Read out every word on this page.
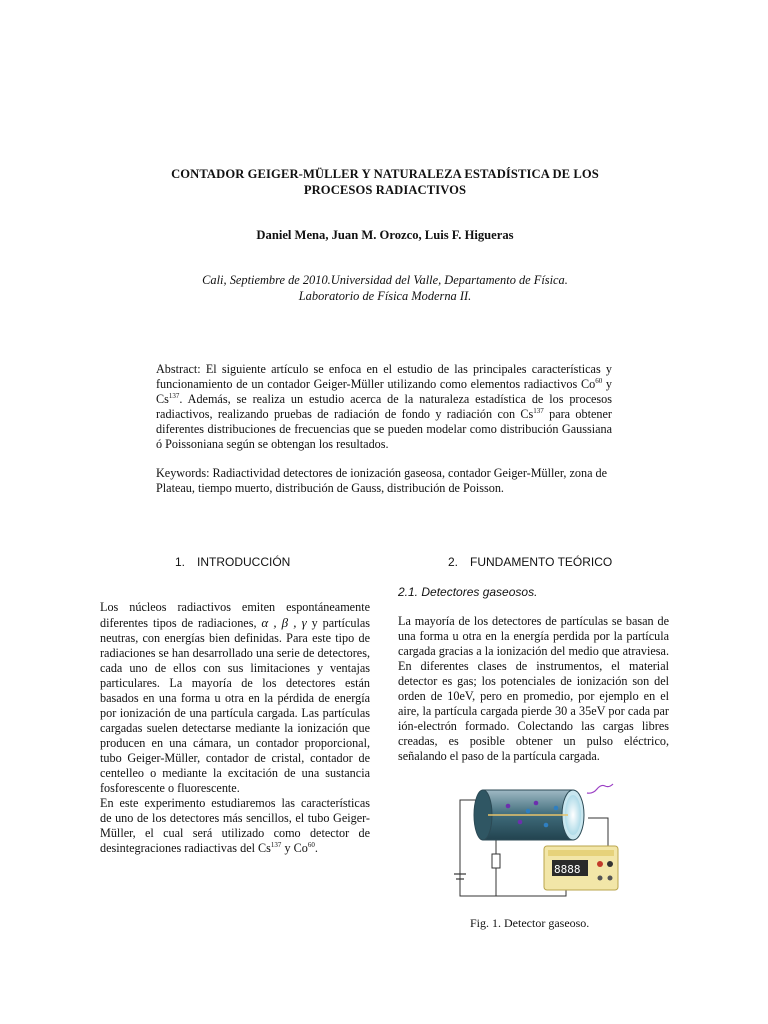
CONTADOR GEIGER-MÜLLER Y NATURALEZA ESTADÍSTICA DE LOS
PROCESOS RADIACTIVOS
Daniel Mena, Juan M. Orozco, Luis F. Higueras
Cali, Septiembre de 2010.Universidad del Valle, Departamento de Física.
Laboratorio de Física Moderna II.

Abstract: El siguiente artículo se enfoca en el estudio de las principales características y funcionamiento de un contador Geiger-Müller utilizando como elementos radiactivos Co$^{60}$ y Cs$^{137}$. Además, se realiza un estudio acerca de la naturaleza estadística de los procesos radiactivos, realizando pruebas de radiación de fondo y radiación con Cs$^{137}$ para obtener diferentes distribuciones de frecuencias que se pueden modelar como distribución Gaussiana ó Poissoniana según se obtengan los resultados.

Keywords: Radiactividad detectores de ionización gaseosa, contador Geiger-Müller, zona de Plateau, tiempo muerto, distribución de Gauss, distribución de Poisson.
1. INTRODUCCIÓN	2. FUNDAMENTO TEÓRICO
2.1. Detectores gaseosos.

Los núcleos radiactivos emiten espontáneamente diferentes tipos de radiaciones, α , β , γ y partículas neutras, con energías bien definidas. Para este tipo de radiaciones se han desarrollado una serie de detectores, cada uno de ellos con sus limitaciones y ventajas particulares. La mayoría de los detectores están basados en una forma u otra en la pérdida de energía por ionización de una partícula cargada. Las partículas cargadas suelen detectarse mediante la ionización que producen en una cámara, un contador proporcional, tubo Geiger-Müller, contador de cristal, contador de centelleo o mediante la excitación de una sustancia fosforescente o fluorescente.

En este experimento estudiaremos las características de uno de los detectores más sencillos, el tubo Geiger-Müller, el cual será utilizado como detector de desintegraciones radiactivas del Cs$^{137}$ y Co$^{60}$.

La mayoría de los detectores de partículas se basan de una forma u otra en la energía perdida por la partícula cargada gracias a la ionización del medio que atraviesa. En diferentes clases de instrumentos, el material detector es gas; los potenciales de ionización son del orden de 10eV, pero en promedio, por ejemplo en el aire, la partícula cargada pierde 30 a 35eV por cada par ión-electrón formado. Colectando las cargas libres creadas, es posible obtener un pulso eléctrico, señalando el paso de la partícula cargada.

8888
Fig. 1. Detector gaseoso.
